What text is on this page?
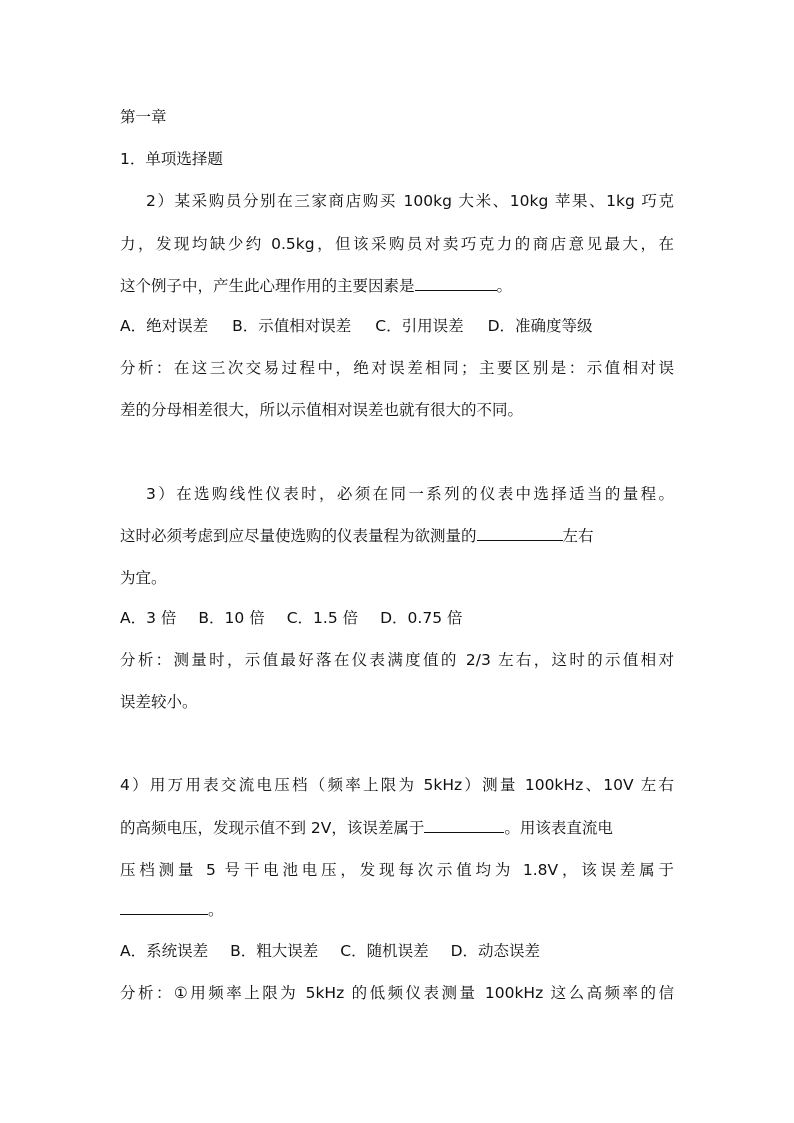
第一章
1．单项选择题
2）某采购员分别在三家商店购买 100kg 大米、10kg 苹果、1kg 巧克
力，发现均缺少约 0.5kg，但该采购员对卖巧克力的商店意见最大，在
这个例子中，产生此心理作用的主要因素是	。
A．绝对误差 B．示值相对误差 C．引用误差 D．准确度等级
分析：在这三次交易过程中，绝对误差相同；主要区别是：示值相对误
差的分母相差很大，所以示值相对误差也就有很大的不同。
3）在选购线性仪表时，必须在同一系列的仪表中选择适当的量程。
这时必须考虑到应尽量使选购的仪表量程为欲测量的	左右
为宜。
A．3 倍 B．10 倍 C．1.5 倍 D．0.75 倍
分析：测量时，示值最好落在仪表满度值的 2/3 左右，这时的示值相对
误差较小。
4）用万用表交流电压档（频率上限为 5kHz）测量 100kHz、10V 左右
的高频电压，发现示值不到 2V，该误差属于	。用该表直流电
压档测量 5 号干电池电压，发现每次示值均为 1.8V，该误差属于
。
A．系统误差 B．粗大误差 C．随机误差 D．动态误差
分析：①用频率上限为 5kHz 的低频仪表测量 100kHz 这么高频率的信
